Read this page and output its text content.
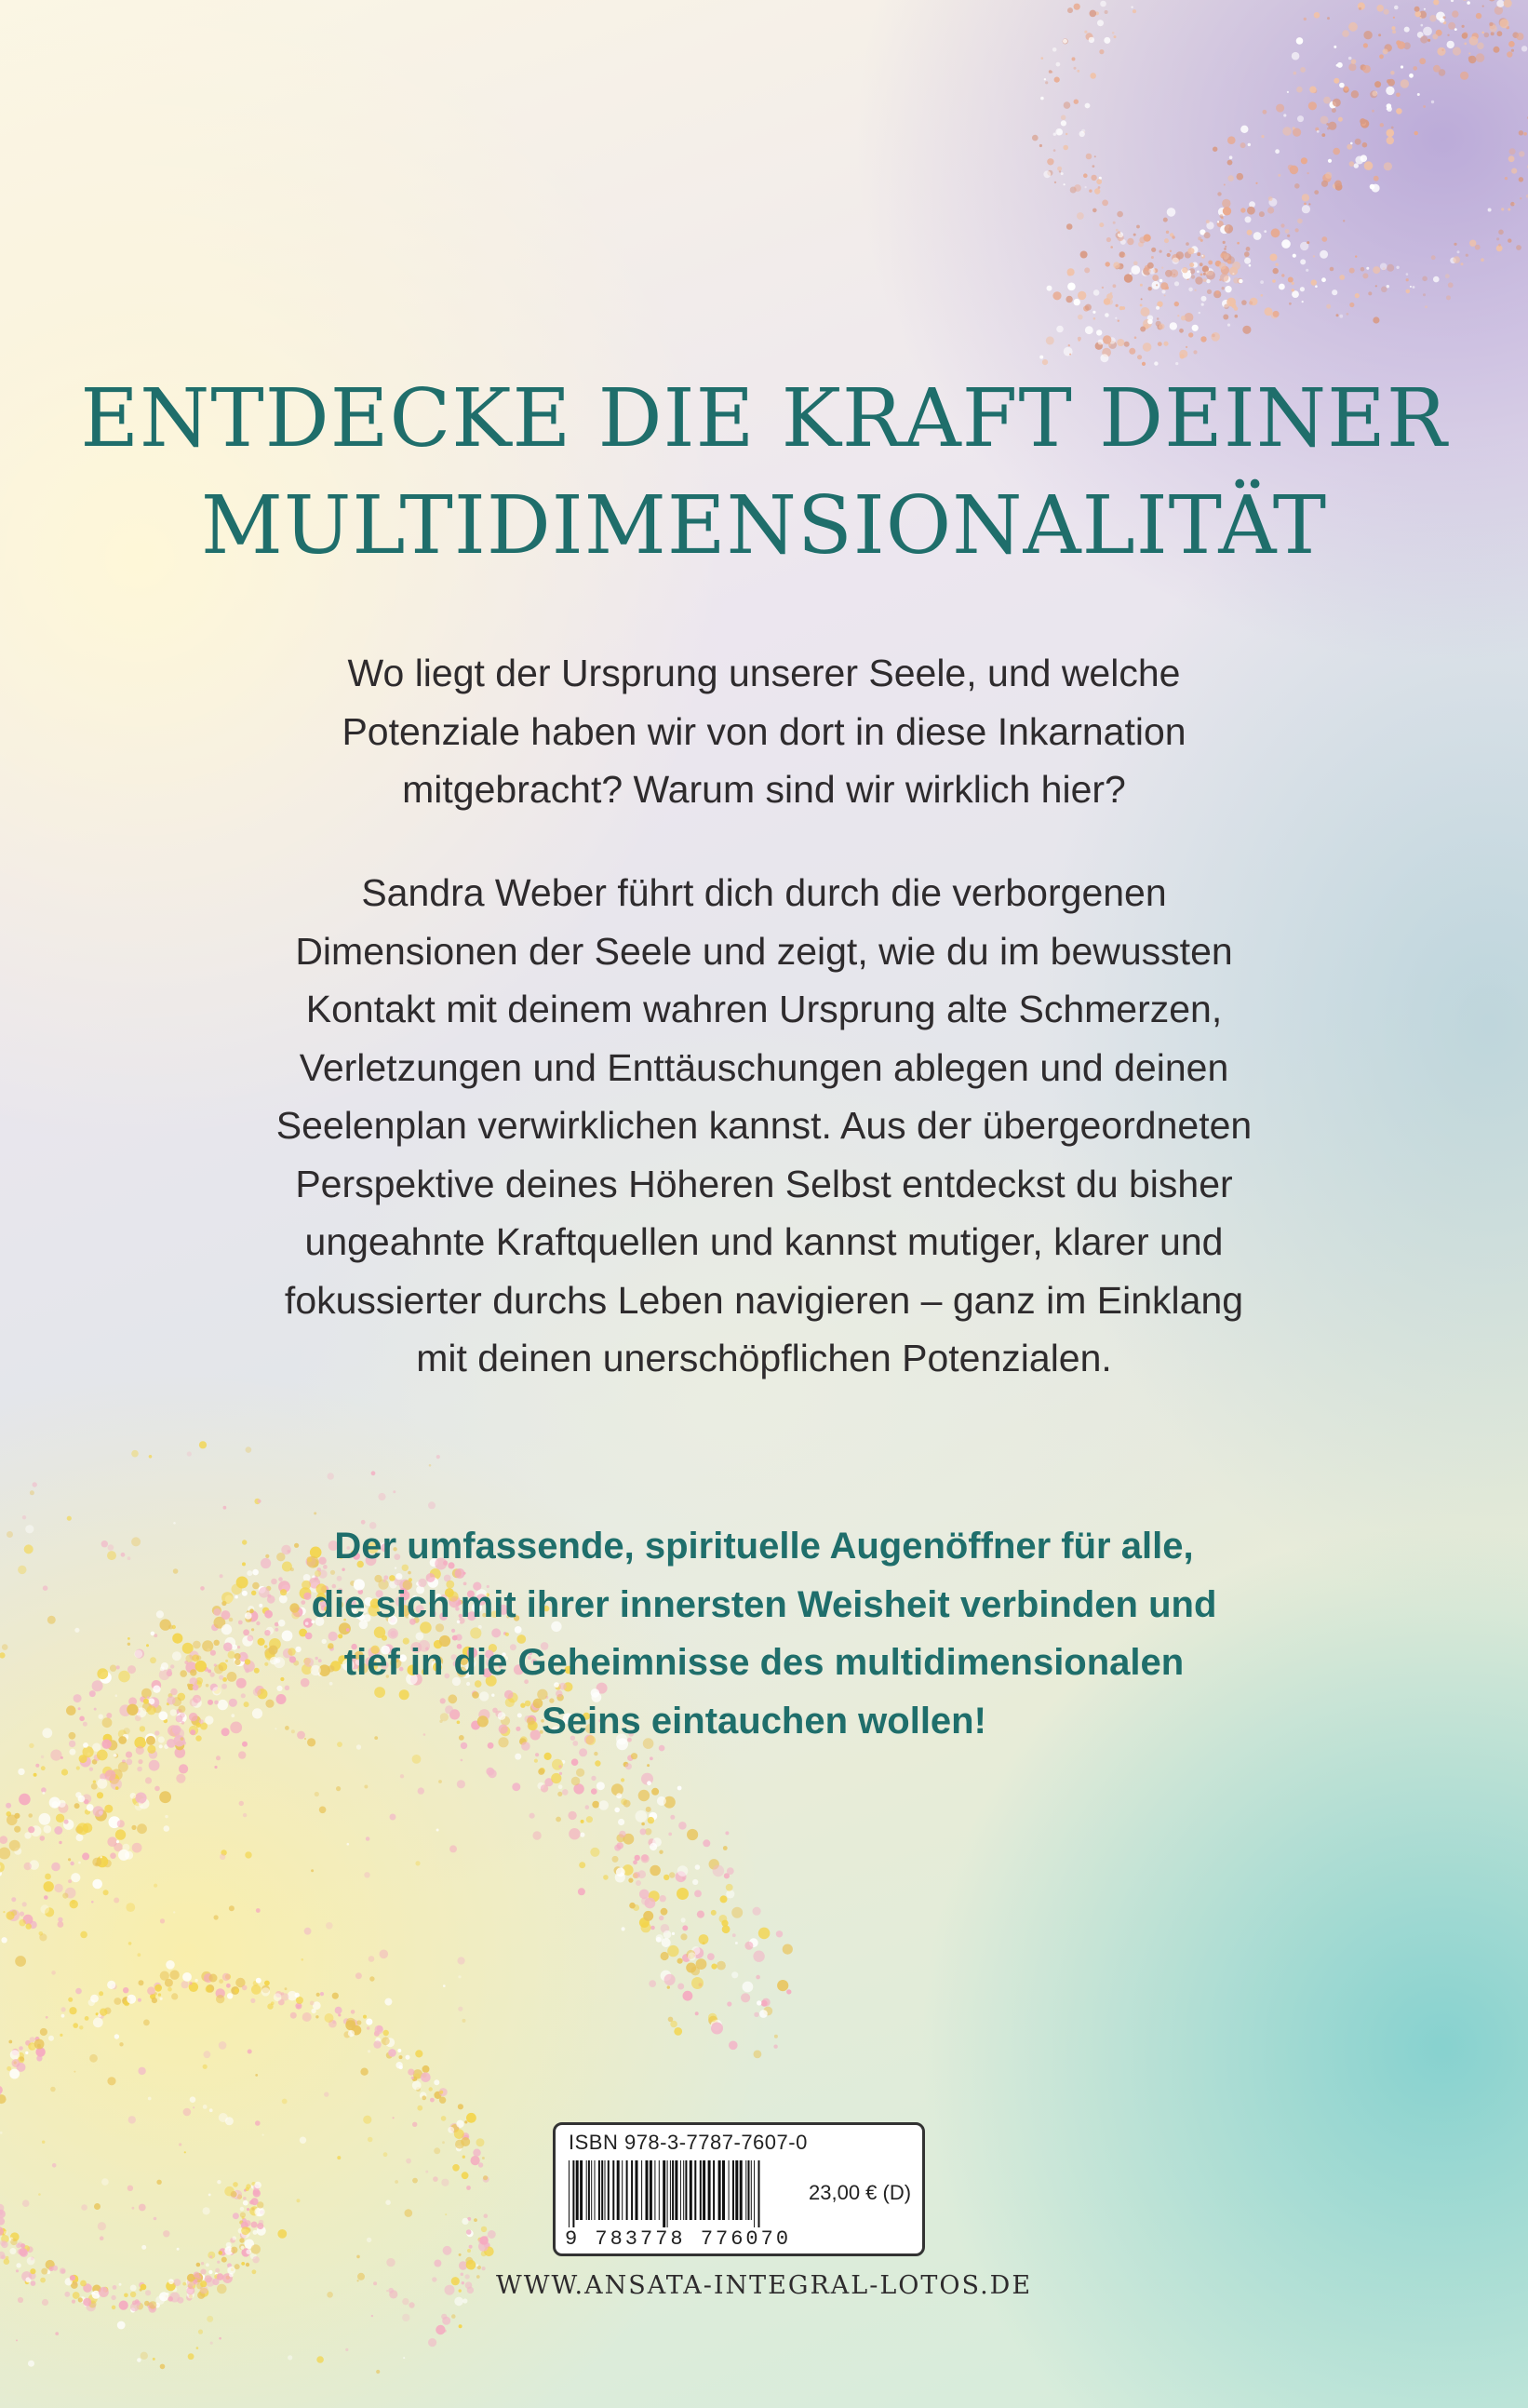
ENTDECKE DIE KRAFT DEINER
MULTIDIMENSIONALITÄT
Wo liegt der Ursprung unserer Seele, und welche
Potenziale haben wir von dort in diese Inkarnation
mitgebracht? Warum sind wir wirklich hier?
Sandra Weber führt dich durch die verborgenen
Dimensionen der Seele und zeigt, wie du im bewussten
Kontakt mit deinem wahren Ursprung alte Schmerzen,
Verletzungen und Enttäuschungen ablegen und deinen
Seelenplan verwirklichen kannst. Aus der übergeordneten
Perspektive deines Höheren Selbst entdeckst du bisher
ungeahnte Kraftquellen und kannst mutiger, klarer und
fokussierter durchs Leben navigieren – ganz im Einklang
mit deinen unerschöpflichen Potenzialen.
Der umfassende, spirituelle Augenöffner für alle,
die sich mit ihrer innersten Weisheit verbinden und
tief in die Geheimnisse des multidimensionalen
Seins eintauchen wollen!
ISBN 978-3-7787-7607-0
23,00 € (D)
9 783778 776070

WWW.ANSATA-INTEGRAL-LOTOS.DE
